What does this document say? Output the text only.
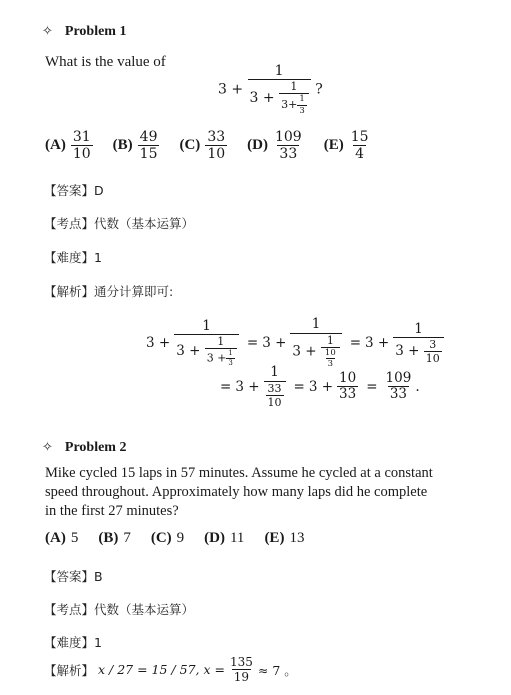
✧ Problem 1
What is the value of
$3 + \frac{1}{3 + \frac{1}{3+ \frac{1}{3}}}$ ?
$(A) \frac{31}{10} (B) \frac{49}{15} (C) \frac{33}{10} (D) \frac{109}{33} (E) \frac{15}{4}$
【答案】D
【考点】代数（基本运算）
【难度】1
【解析】通分计算即可:
$3 + \frac{1}{3 + \frac{1}{3 + \frac{1}{3}}} = 3 + \frac{1}{3 + \frac{1}{\frac{10}{3}}} = 3 + \frac{1}{3 + \frac{3}{10}}$
= $3 + \frac{1}{\frac{33}{10}} = 3 + \frac{10}{33} = \frac{109}{33}$ .
✧ Problem 2
Mike cycled 15 laps in 57 minutes. Assume he cycled at a constant
speed throughout. Approximately how many laps did he complete
in the first 27 minutes?
(A) 5 (B) 7 (C) 9 (D) 11 (E) 13
【答案】B
【考点】代数（基本运算）
【难度】1
【解析】 x / 27 = 15 / 57, $x = \frac{135}{19} \approx 7$ 。
